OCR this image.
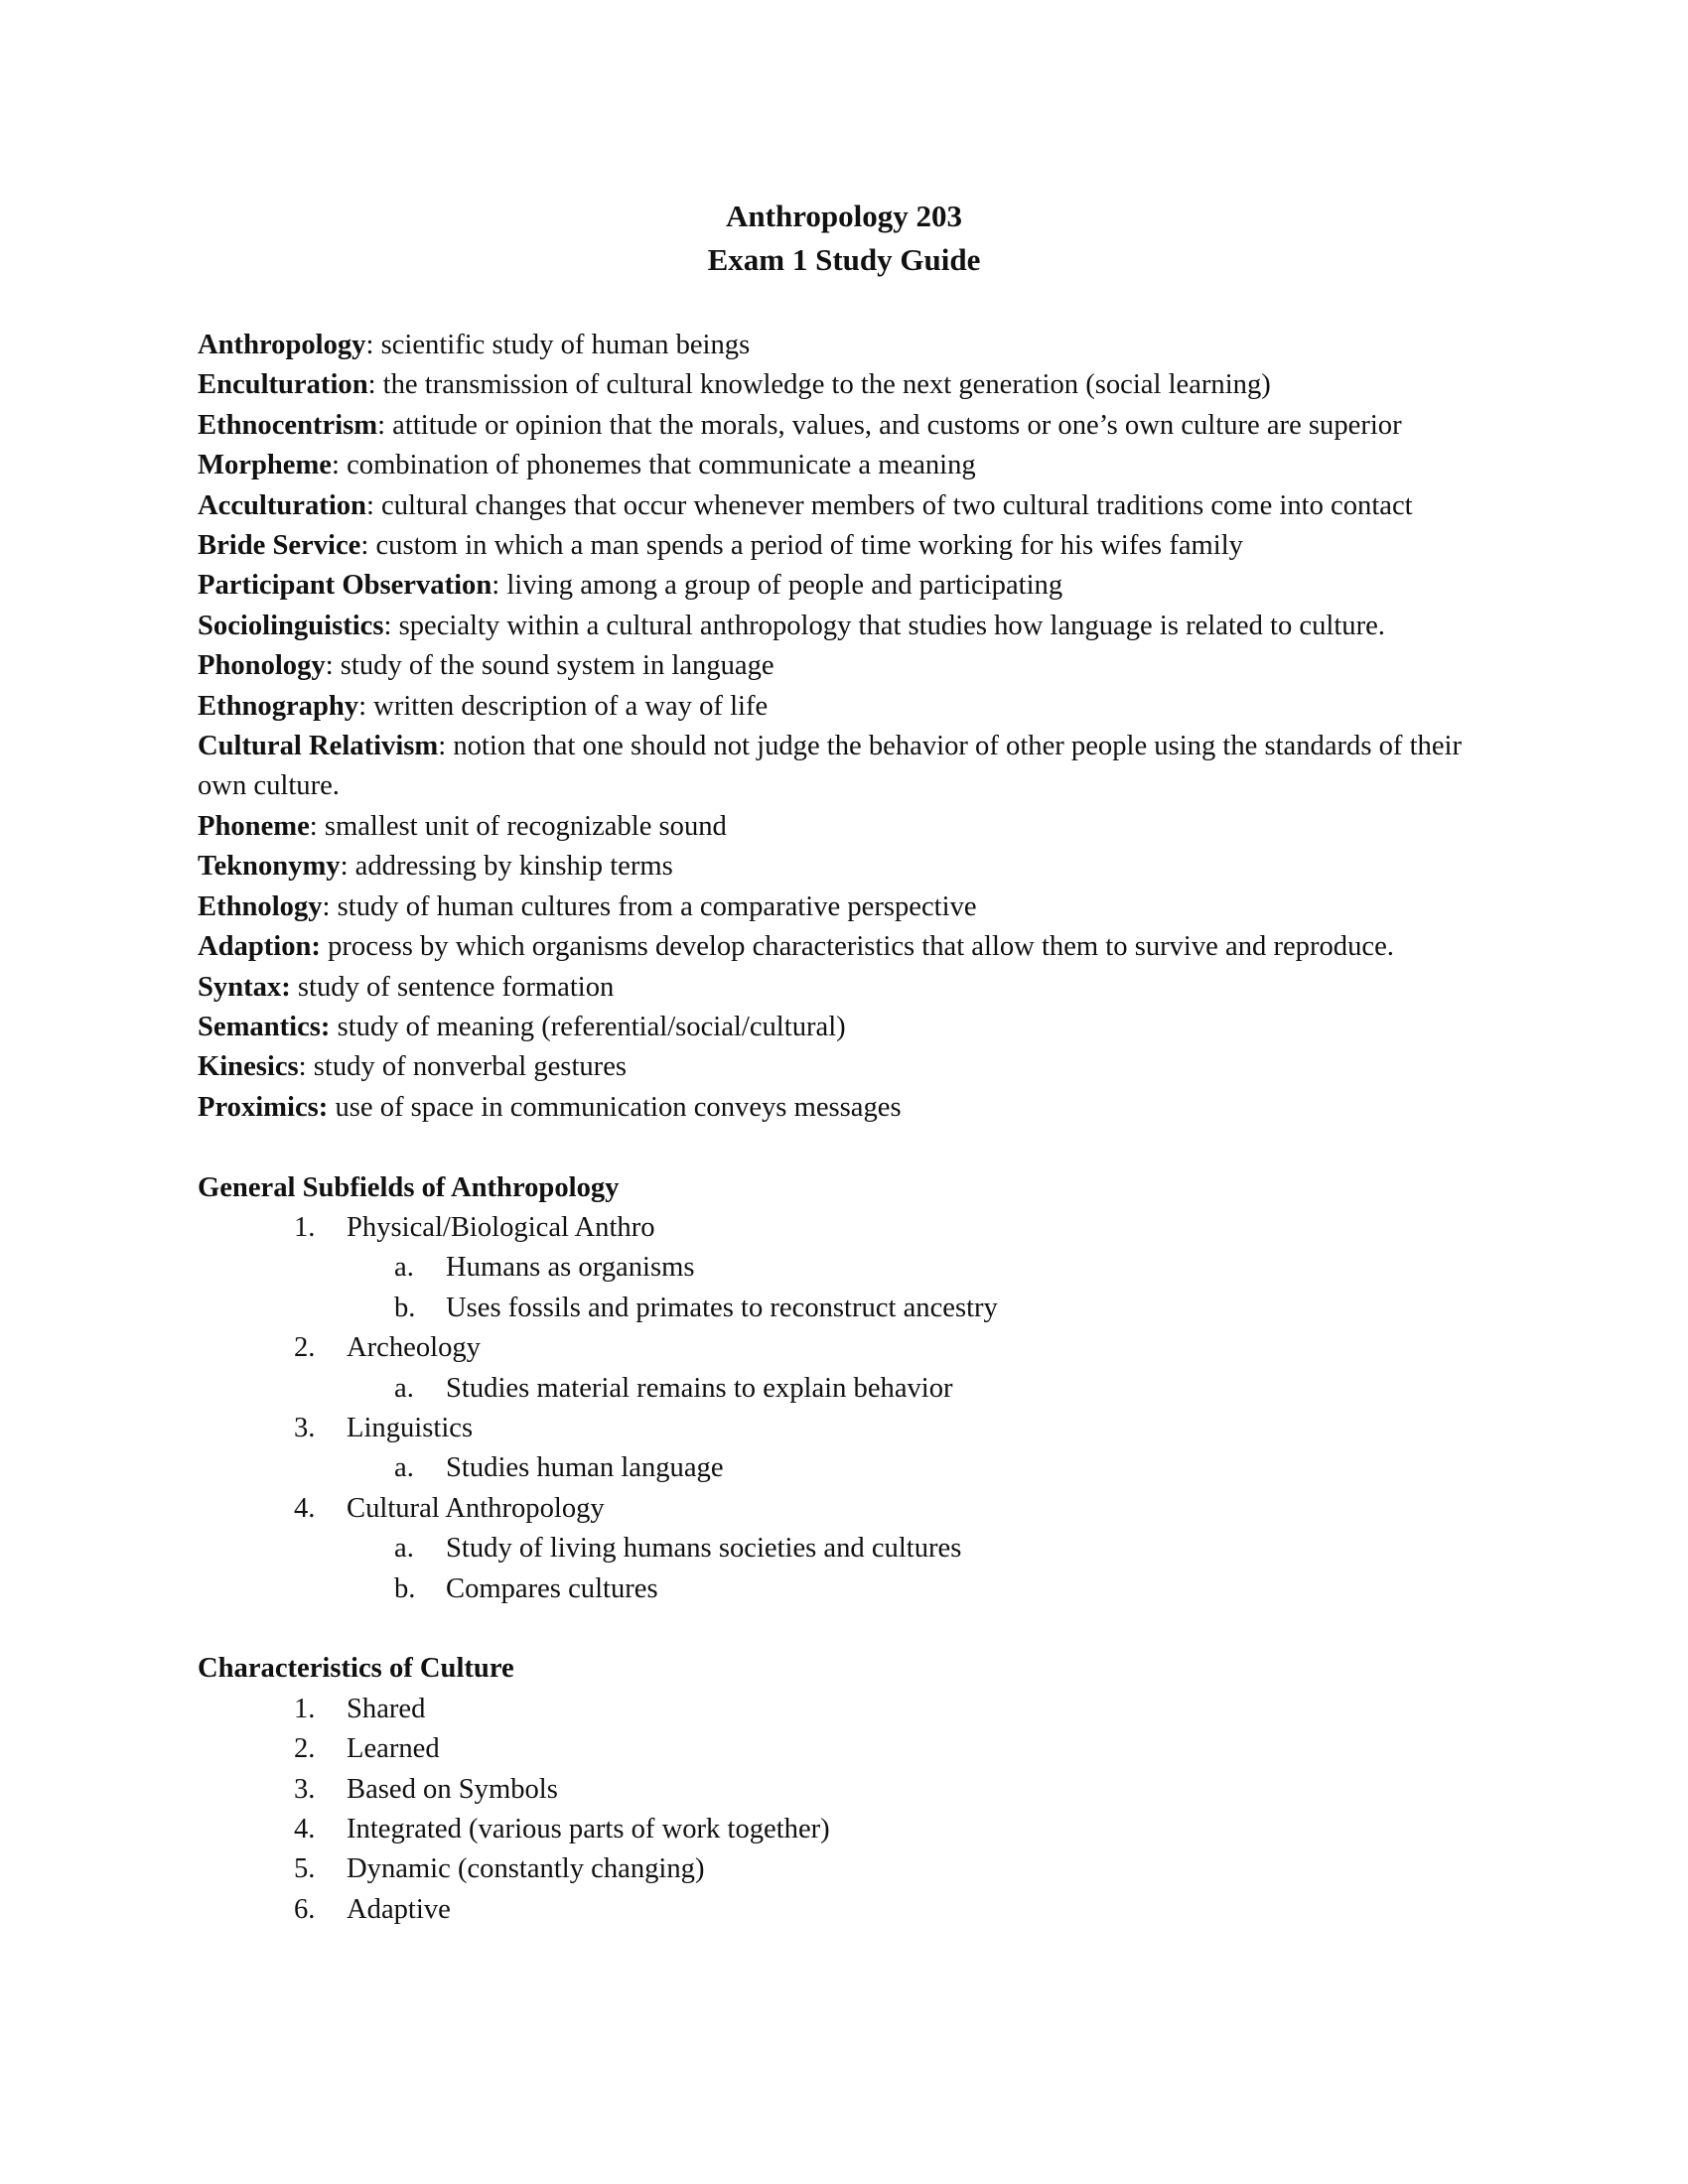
Anthropology 203
Exam 1 Study Guide

Anthropology: scientific study of human beings

Enculturation: the transmission of cultural knowledge to the next generation (social learning)

Ethnocentrism: attitude or opinion that the morals, values, and customs or one’s own culture are superior

Morpheme: combination of phonemes that communicate a meaning

Acculturation: cultural changes that occur whenever members of two cultural traditions come into contact

Bride Service: custom in which a man spends a period of time working for his wifes family

Participant Observation: living among a group of people and participating

Sociolinguistics: specialty within a cultural anthropology that studies how language is related to culture.

Phonology: study of the sound system in language

Ethnography: written description of a way of life

Cultural Relativism: notion that one should not judge the behavior of other people using the standards of their own culture.

Phoneme: smallest unit of recognizable sound

Teknonymy: addressing by kinship terms

Ethnology: study of human cultures from a comparative perspective

Adaption: process by which organisms develop characteristics that allow them to survive and reproduce.

Syntax: study of sentence formation

Semantics: study of meaning (referential/social/cultural)

Kinesics: study of nonverbal gestures

Proximics: use of space in communication conveys messages

General Subfields of Anthropology

1.	Physical/Biological Anthro
a.	Humans as organisms
b.	Uses fossils and primates to reconstruct ancestry
2.	Archeology
a.	Studies material remains to explain behavior
3.	Linguistics
a.	Studies human language
4.	Cultural Anthropology
a.	Study of living humans societies and cultures
b.	Compares cultures

Characteristics of Culture

1.	Shared
2.	Learned
3.	Based on Symbols
4.	Integrated (various parts of work together)
5.	Dynamic (constantly changing)
6.	Adaptive
